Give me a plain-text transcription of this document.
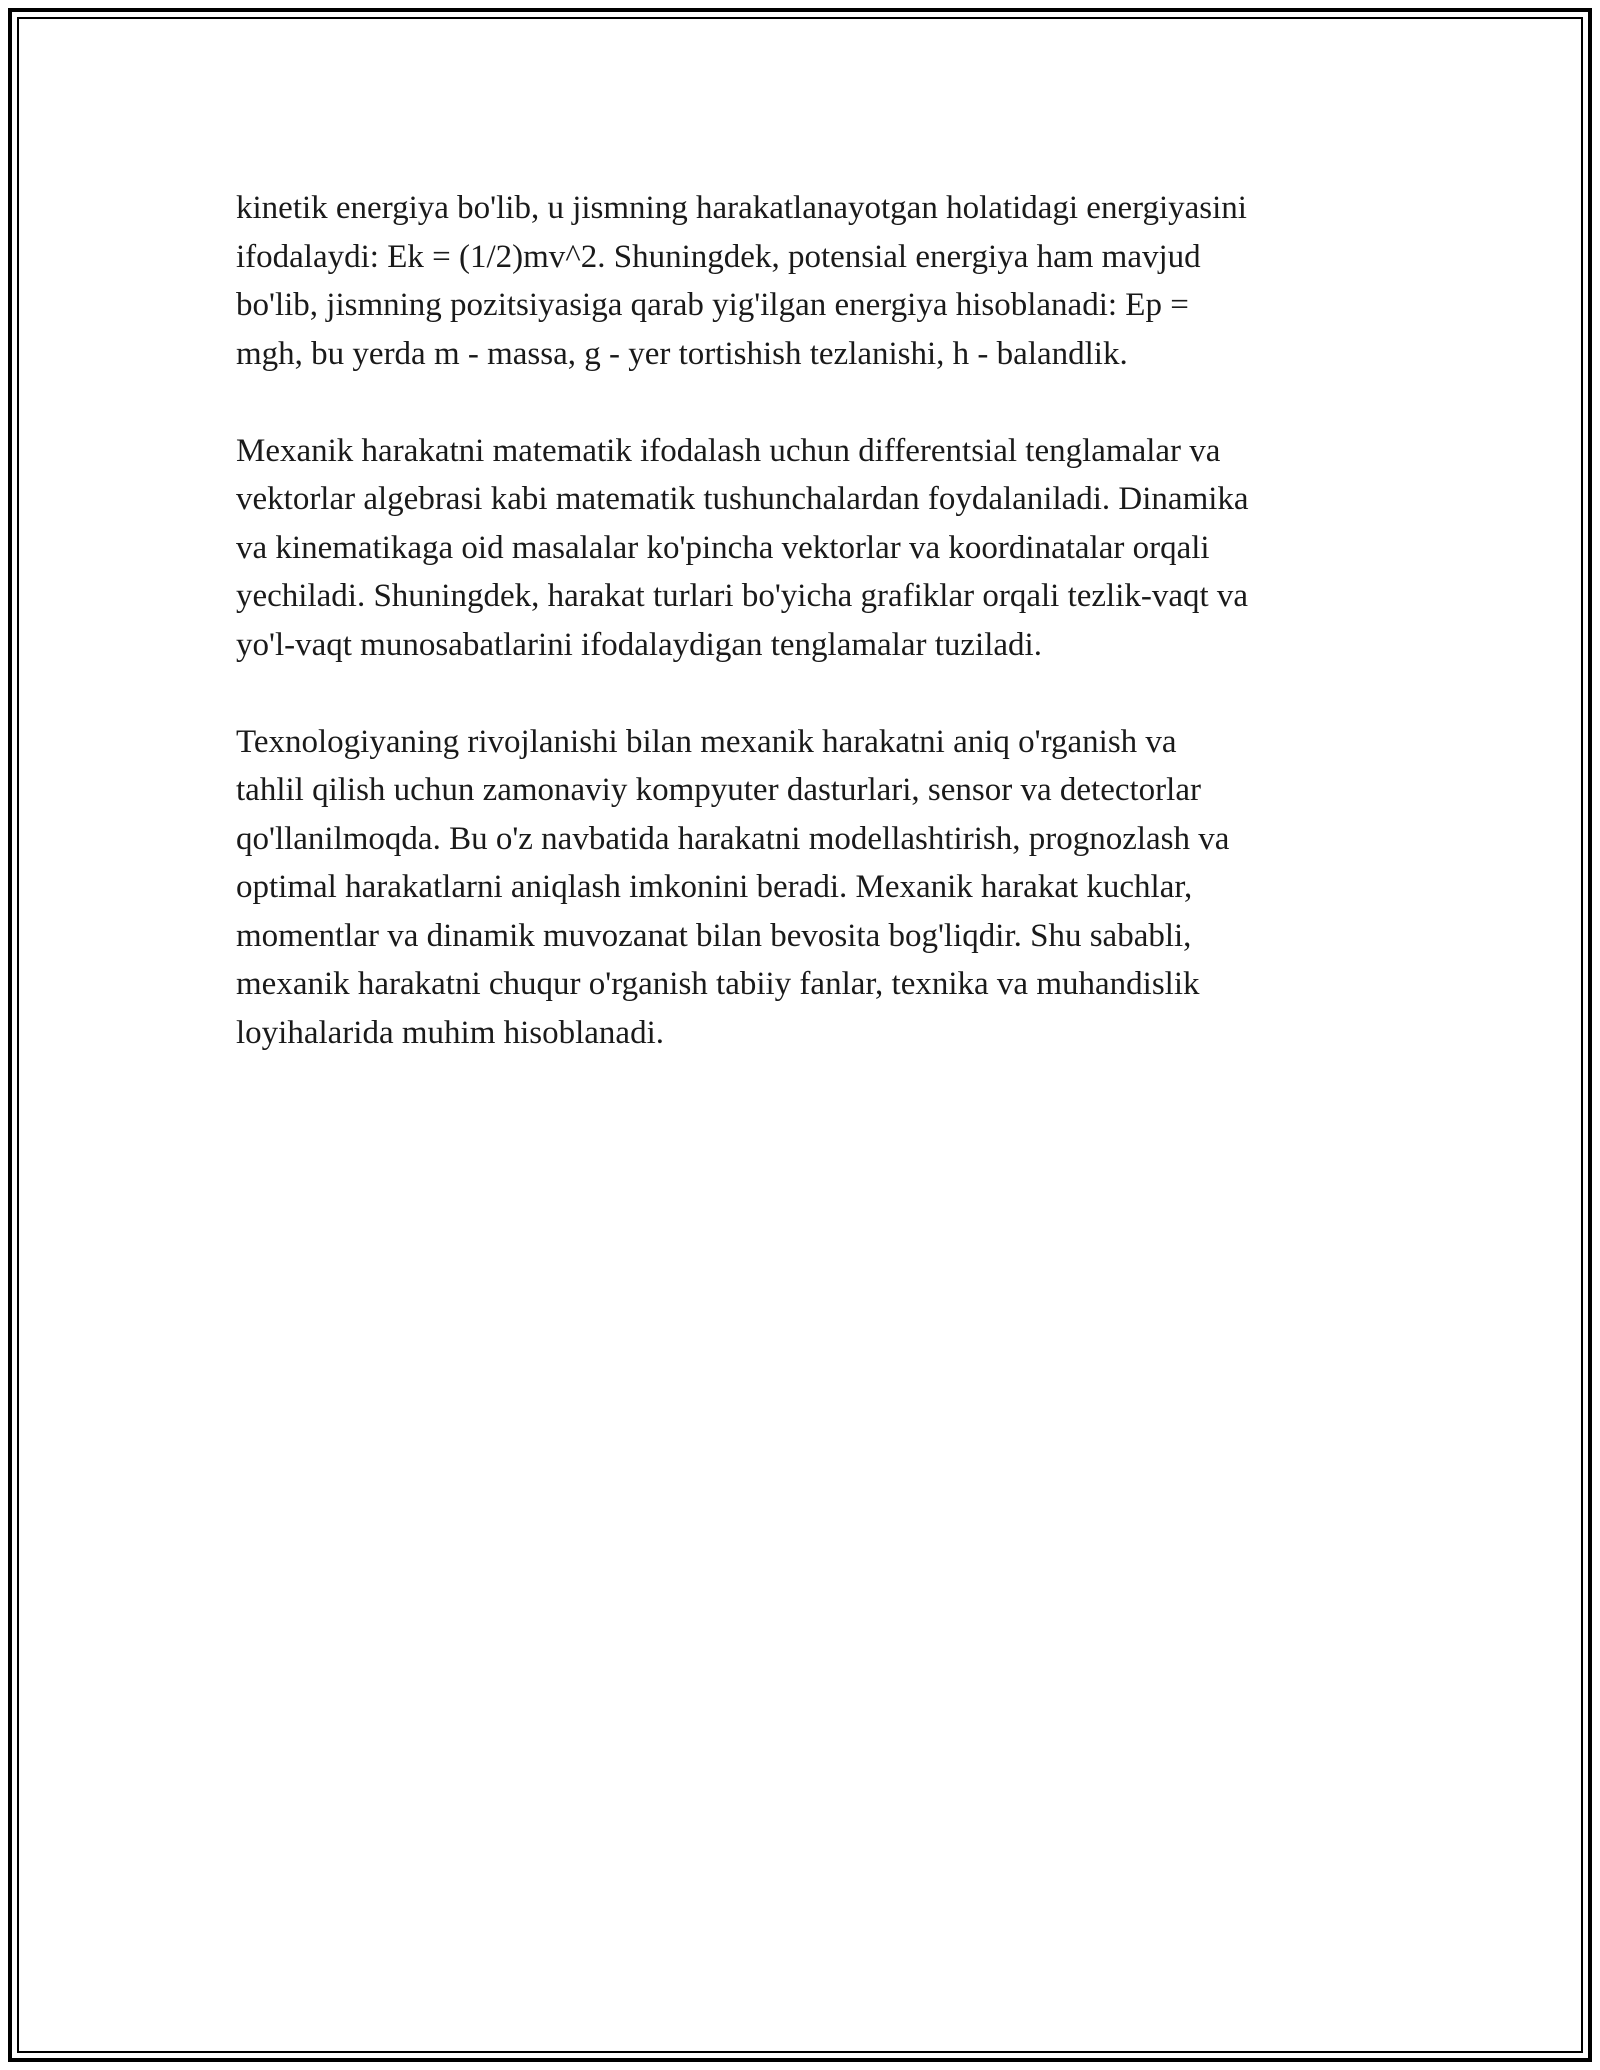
kinetik energiya bo'lib, u jismning harakatlanayotgan holatidagi energiyasini
ifodalaydi: Ek = (1/2)mv^2. Shuningdek, potensial energiya ham mavjud
bo'lib, jismning pozitsiyasiga qarab yig'ilgan energiya hisoblanadi: Ep =
mgh, bu yerda m - massa, g - yer tortishish tezlanishi, h - balandlik.

Mexanik harakatni matematik ifodalash uchun differentsial tenglamalar va
vektorlar algebrasi kabi matematik tushunchalardan foydalaniladi. Dinamika
va kinematikaga oid masalalar ko'pincha vektorlar va koordinatalar orqali
yechiladi. Shuningdek, harakat turlari bo'yicha grafiklar orqali tezlik-vaqt va
yo'l-vaqt munosabatlarini ifodalaydigan tenglamalar tuziladi.

Texnologiyaning rivojlanishi bilan mexanik harakatni aniq o'rganish va
tahlil qilish uchun zamonaviy kompyuter dasturlari, sensor va detectorlar
qo'llanilmoqda. Bu o'z navbatida harakatni modellashtirish, prognozlash va
optimal harakatlarni aniqlash imkonini beradi. Mexanik harakat kuchlar,
momentlar va dinamik muvozanat bilan bevosita bog'liqdir. Shu sababli,
mexanik harakatni chuqur o'rganish tabiiy fanlar, texnika va muhandislik
loyihalarida muhim hisoblanadi.
